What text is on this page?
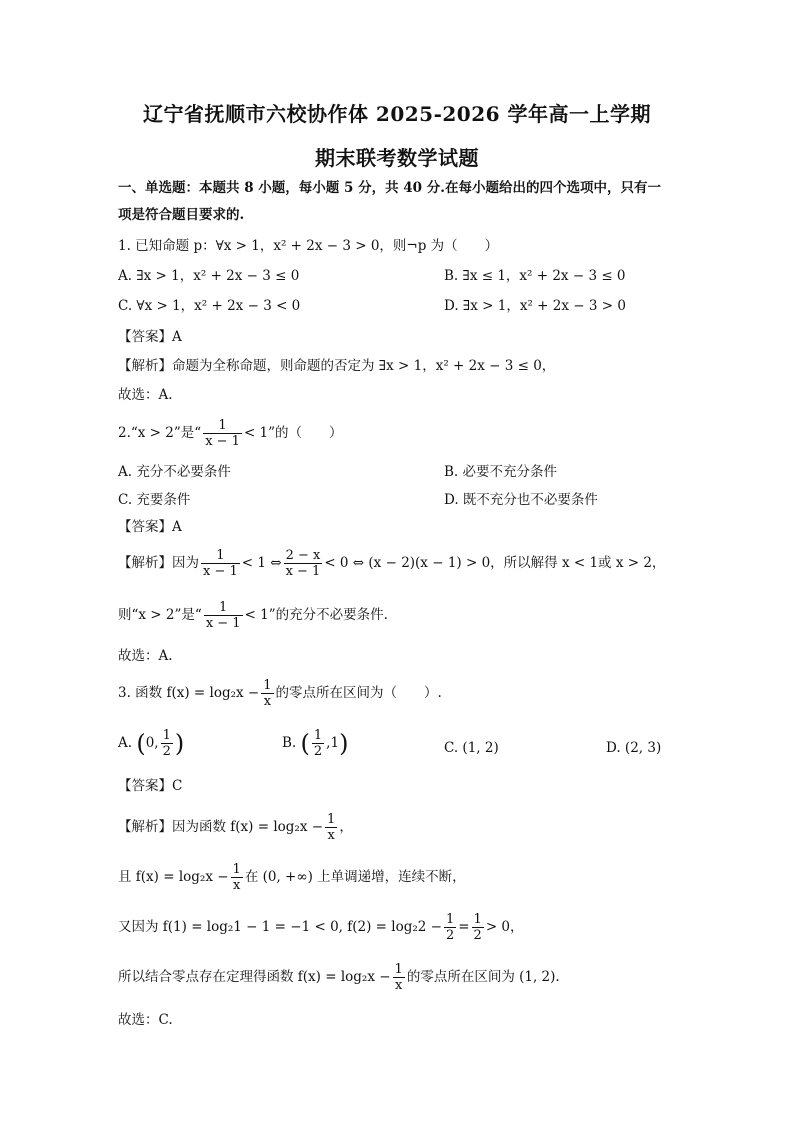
辽宁省抚顺市六校协作体 2025-2026 学年高一上学期
期末联考数学试题
一、单选题：本题共 8 小题，每小题 5 分，共 40 分.在每小题给出的四个选项中，只有一
项是符合题目要求的.
1. 已知命题 p：∀x > 1，x² + 2x − 3 > 0，则¬p 为（　　）
A. ∃x > 1，x² + 2x − 3 ≤ 0	B. ∃x ≤ 1，x² + 2x − 3 ≤ 0
C. ∀x > 1，x² + 2x − 3 < 0	D. ∃x > 1，x² + 2x − 3 > 0
【答案】A
【解析】命题为全称命题，则命题的否定为 ∃x > 1，x² + 2x − 3 ≤ 0，
故选：A.
2.“x > 2”是“ $\frac{1}{x - 1} < 1$”的（　　）
A. 充分不必要条件	B. 必要不充分条件
C. 充要条件	D. 既不充分也不必要条件
【答案】A
【解析】因为 $\frac{1}{x - 1} < 1$ ⇔ $\frac{2 - x}{x - 1} < 0$ ⇔ (x − 2)(x − 1) > 0，所以解得 x < 1或 x > 2，
则“x > 2”是“ $\frac{1}{x - 1} < 1$”的充分不必要条件.
故选：A.
3. 函数 $f(x) = \log_2x - \frac{1}{x}$ 的零点所在区间为（　　）.
A. (0, $\frac{1}{2}$ )	B. ( $\frac{1}{2} ,1$)	C. (1, 2)	D. (2, 3)
【答案】C
【解析】因为函数 $f(x) = \log_2x - \frac{1}{x}$ ，
且 $f(x) = \log_2x - \frac{1}{x}$ 在 (0, +∞) 上单调递增，连续不断，
又因为 f(1) = log₂1 − 1 = −1 < 0, $f(2) = \log_22 - \frac{1}{2} = \frac{1}{2} > 0$，
所以结合零点存在定理得函数 $f(x) = \log_2x - \frac{1}{x}$ 的零点所在区间为 (1, 2).
故选：C.
